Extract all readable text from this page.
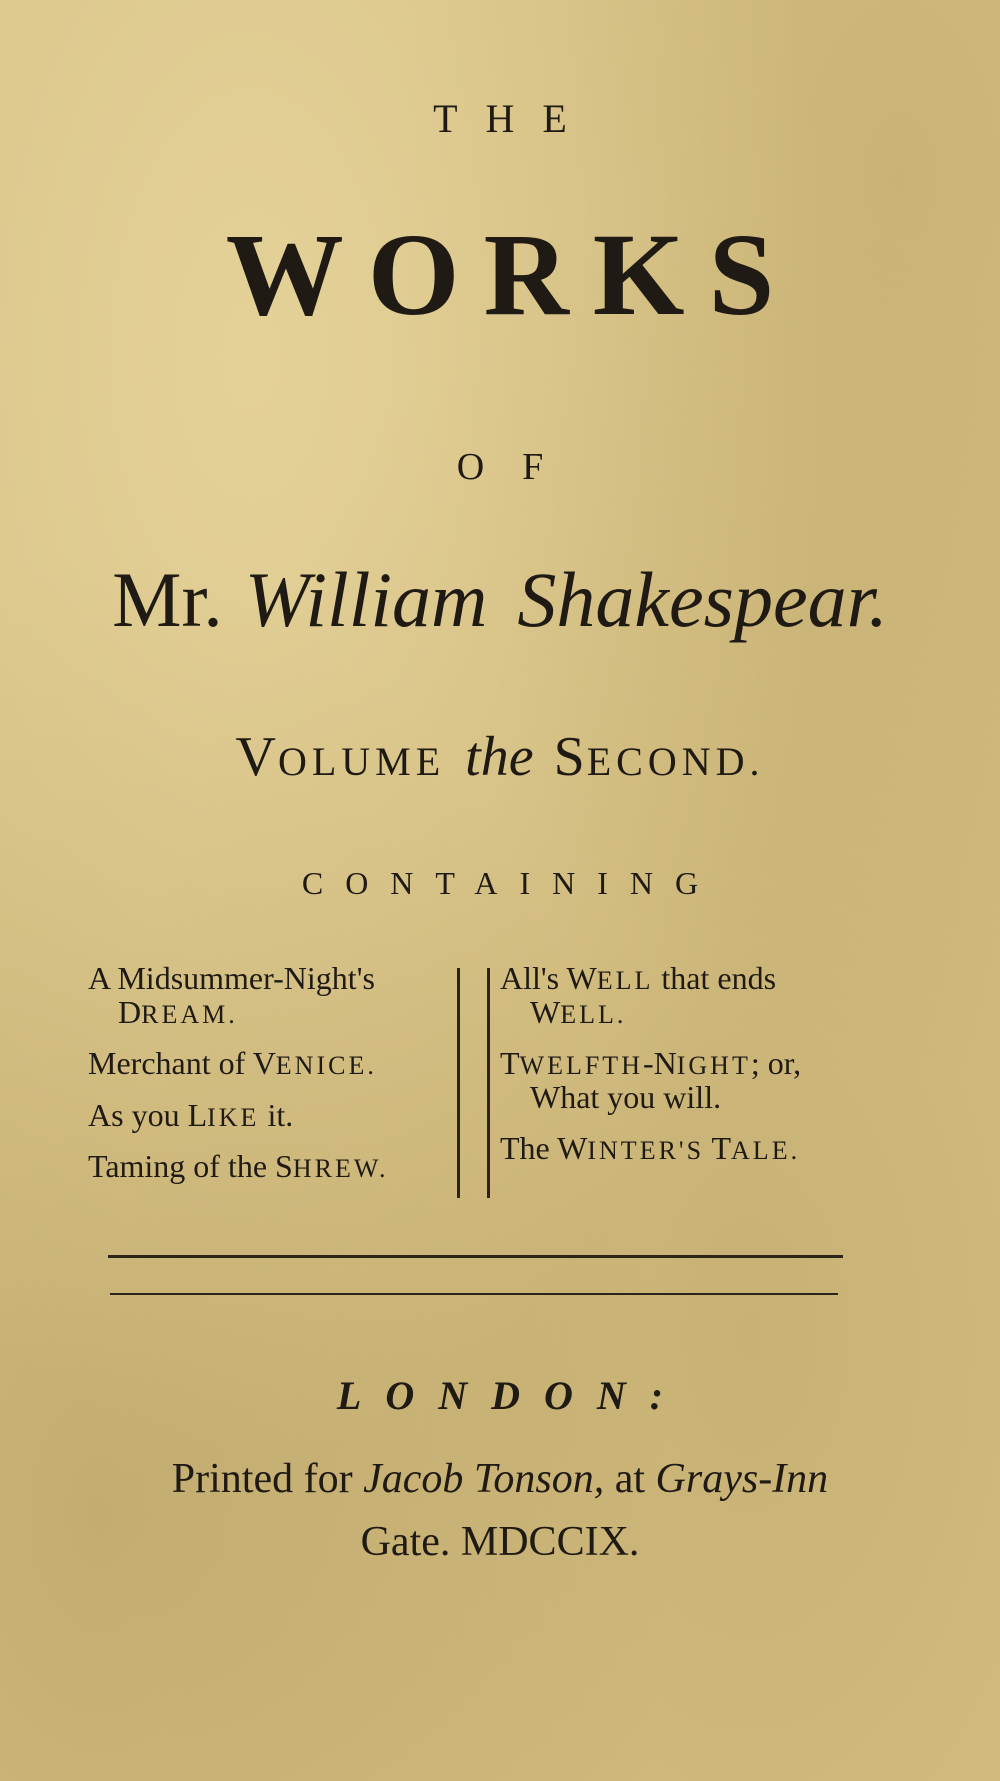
THE
WORKS
OF
Mr. William Shakespear.
VOLUME the SECOND.
CONTAINING
A Midsummer-Night's
DREAM.
Merchant of VENICE.
As you LIKE it.
Taming of the SHREW.
All's WELL that ends
WELL.
TWELFTH-NIGHT; or,
What you will.
The WINTER'S TALE.
LONDON:
Printed for Jacob Tonson, at Grays-Inn
Gate. MDCCIX.
